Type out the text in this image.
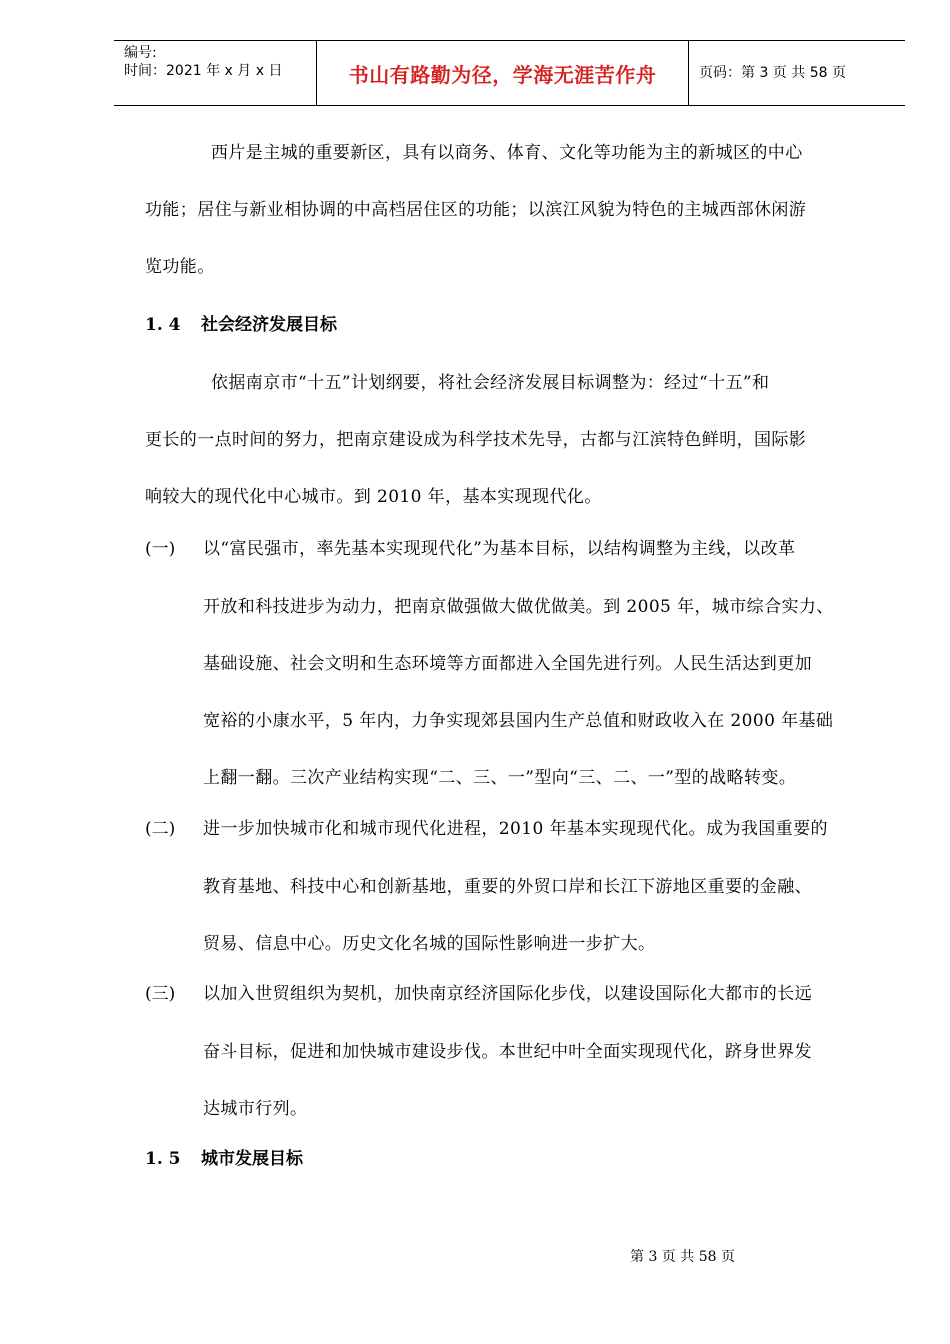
编号:
时间：2021 年 x 月 x 日	书山有路勤为径，学海无涯苦作舟	页码：第 3 页 共 58 页
西片是主城的重要新区，具有以商务、体育、文化等功能为主的新城区的中心
功能；居住与新业相协调的中高档居住区的功能；以滨江风貌为特色的主城西部休闲游
览功能。
1. 4 社会经济发展目标
依据南京市“十五”计划纲要，将社会经济发展目标调整为：经过“十五”和
更长的一点时间的努力，把南京建设成为科学技术先导，古都与江滨特色鲜明，国际影
响较大的现代化中心城市。到 2010 年，基本实现现代化。
(一) 以“富民强市，率先基本实现现代化”为基本目标，以结构调整为主线，以改革
开放和科技进步为动力，把南京做强做大做优做美。到 2005 年，城市综合实力、
基础设施、社会文明和生态环境等方面都进入全国先进行列。人民生活达到更加
宽裕的小康水平，5 年内，力争实现郊县国内生产总值和财政收入在 2000 年基础
上翻一翻。三次产业结构实现“二、三、一”型向“三、二、一”型的战略转变。
(二) 进一步加快城市化和城市现代化进程，2010 年基本实现现代化。成为我国重要的
教育基地、科技中心和创新基地，重要的外贸口岸和长江下游地区重要的金融、
贸易、信息中心。历史文化名城的国际性影响进一步扩大。
(三) 以加入世贸组织为契机，加快南京经济国际化步伐，以建设国际化大都市的长远
奋斗目标，促进和加快城市建设步伐。本世纪中叶全面实现现代化，跻身世界发
达城市行列。
1. 5 城市发展目标
第 3 页 共 58 页
